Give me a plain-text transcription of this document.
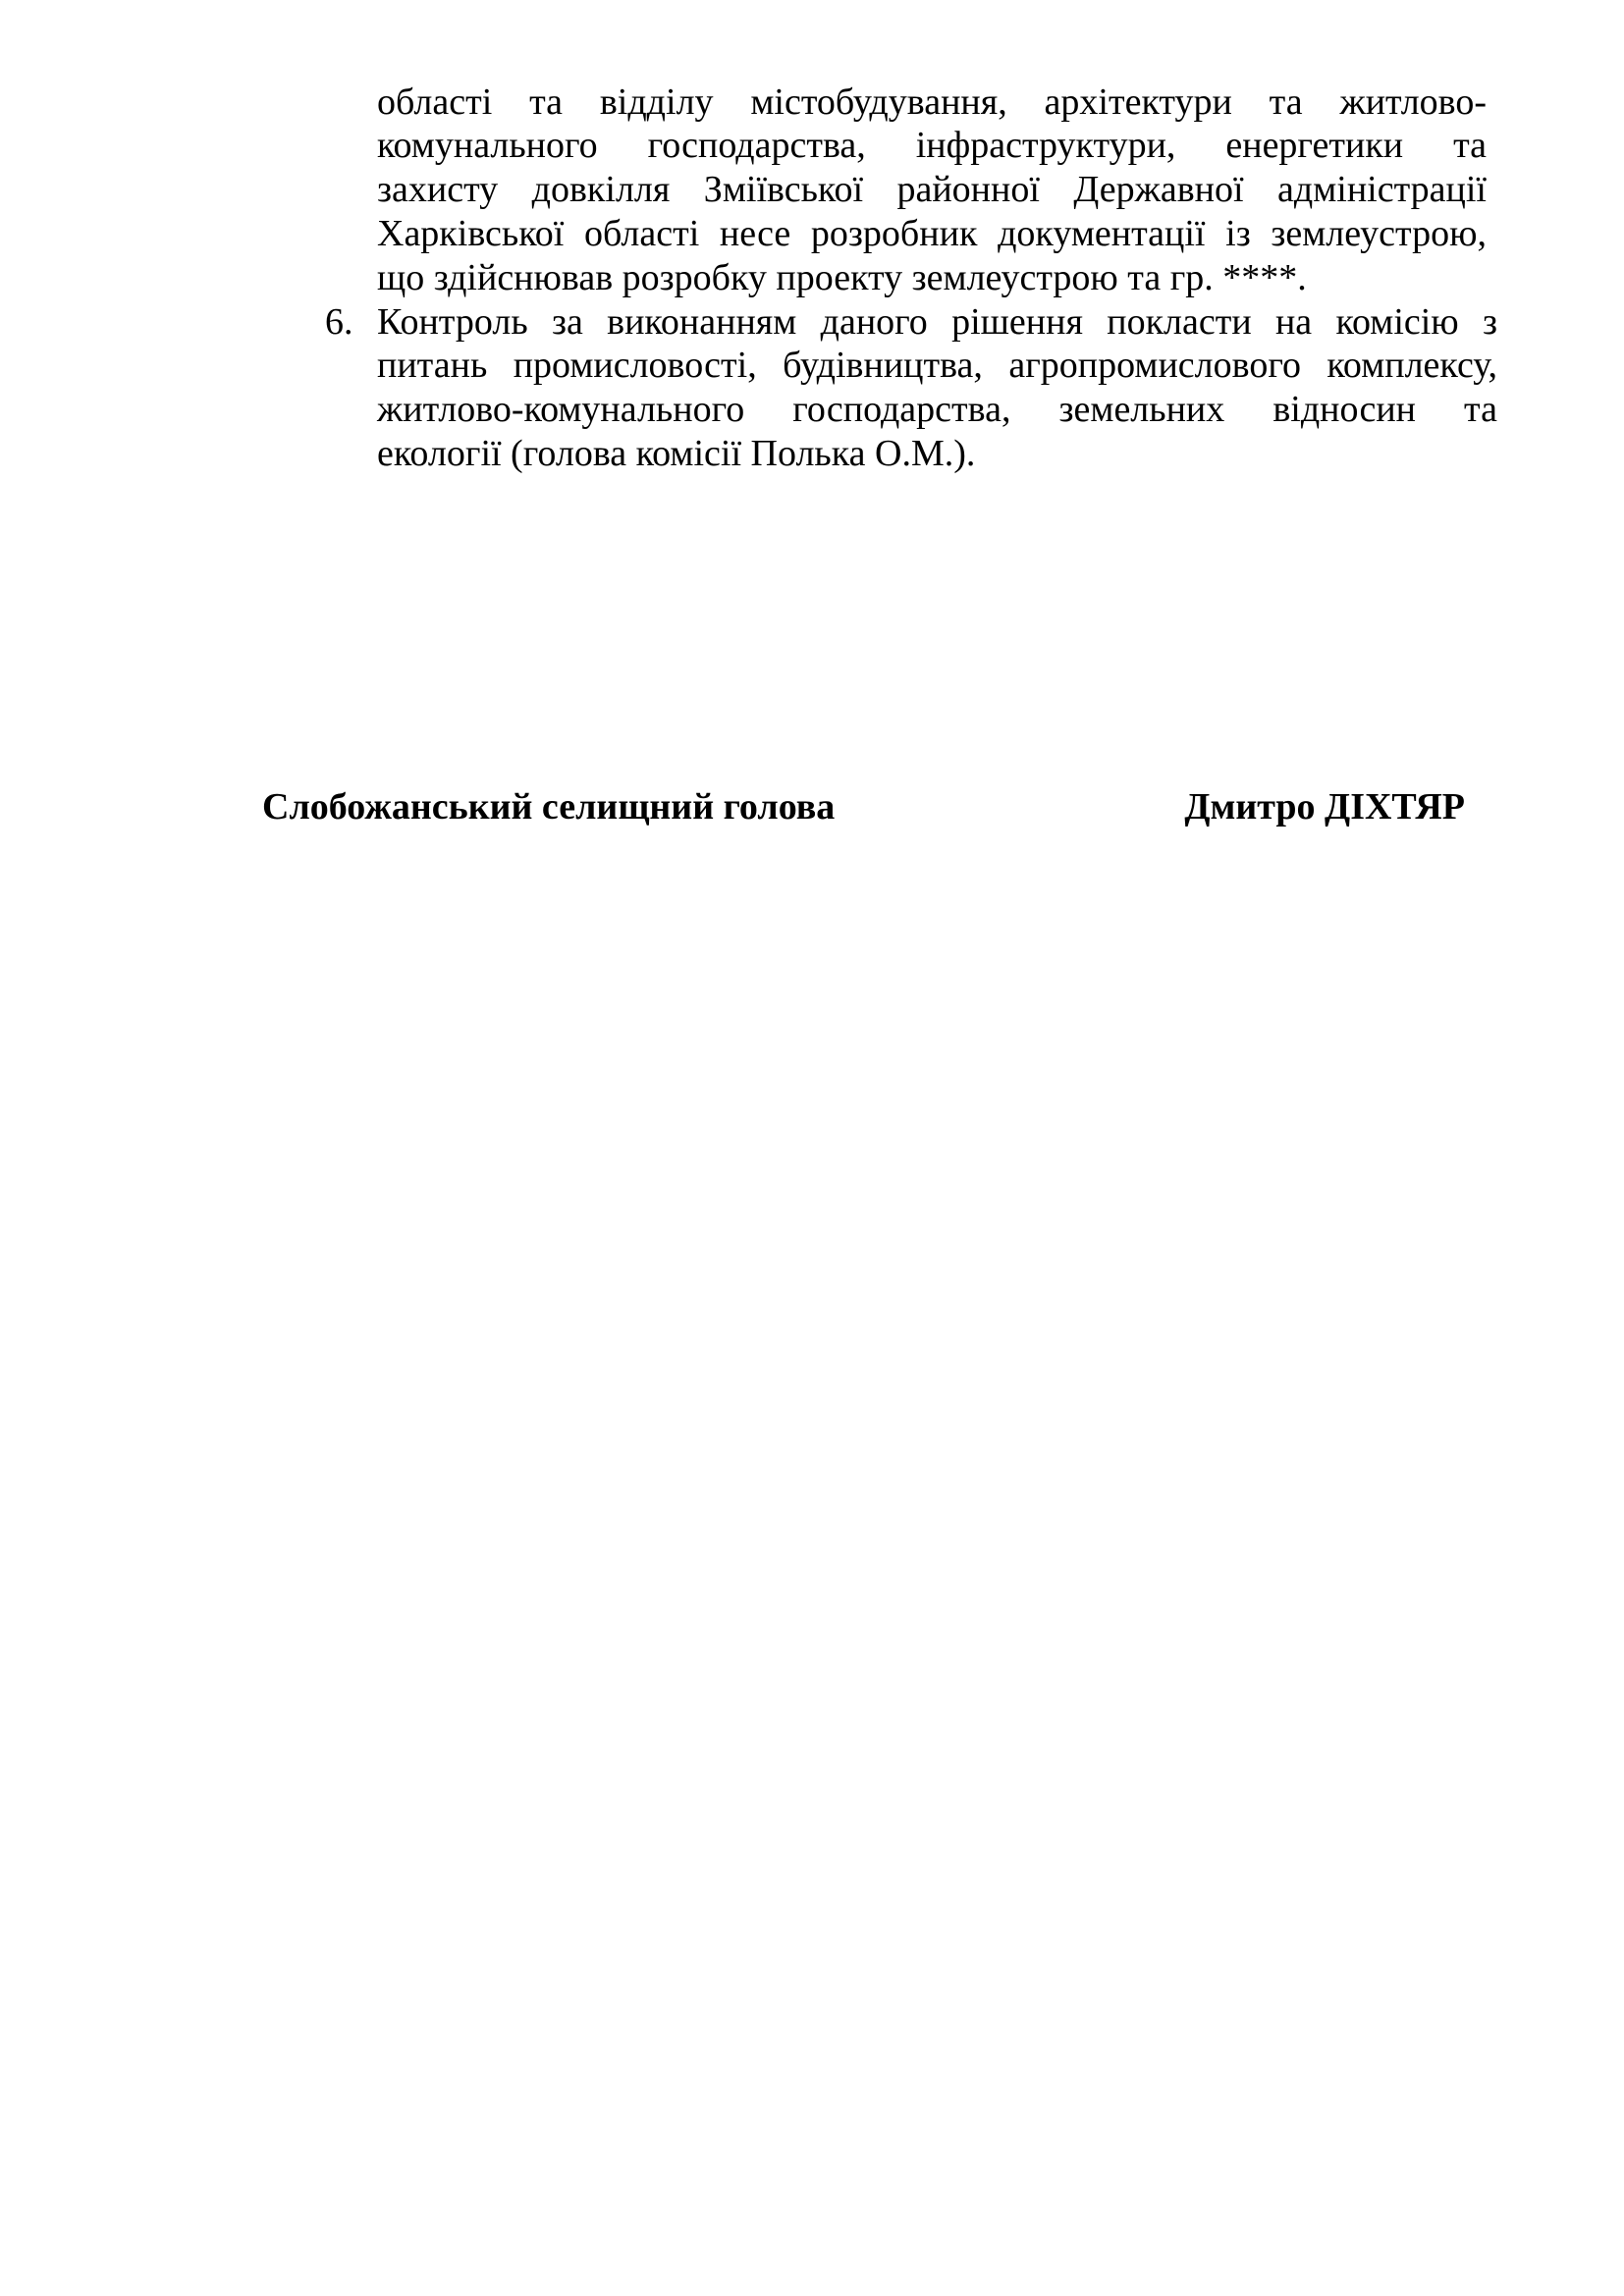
області та відділу містобудування, архітектури та житлово-

комунального господарства, інфраструктури, енергетики та

захисту довкілля Зміївської районної Державної адміністрації

Харківської області несе розробник документації із землеустрою,

що здійснював розробку проекту землеустрою та гр. ****.

6. Контроль за виконанням даного рішення покласти на комісію з

питань промисловості, будівництва, агропромислового комплексу,

житлово-комунального господарства, земельних відносин та

екології (голова комісії Полька О.М.).

Слобожанський селищний голова	Дмитро ДІХТЯР
